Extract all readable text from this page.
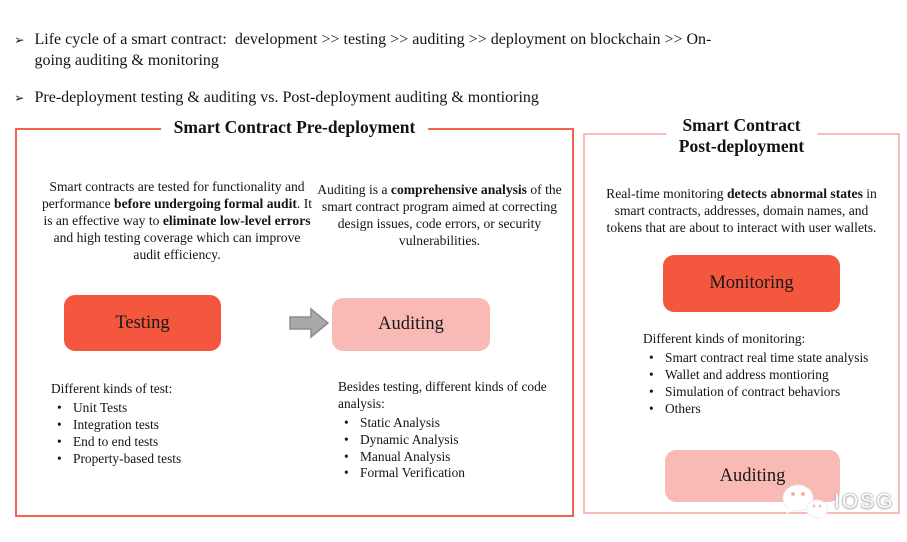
➢ Life cycle of a smart contract:  development >> testing >> auditing >> deployment on blockchain >> On-going auditing & monitoring
➢ Pre-deployment testing & auditing vs. Post-deployment auditing & montioring
Smart Contract Pre-deployment

Smart contracts are tested for functionality and performance before undergoing formal audit. It is an effective way to eliminate low-level errors and high testing coverage which can improve audit efficiency.

Auditing is a comprehensive analysis of the smart contract program aimed at correcting design issues, code errors, or security vulnerabilities.

Testing	Auditing

Different kinds of test:

• Unit Tests
• Integration tests
• End to end tests
• Property-based tests

Besides testing, different kinds of code analysis:

• Static Analysis
• Dynamic Analysis
• Manual Analysis
• Formal Verification
Smart Contract
Post-deployment

Real-time monitoring detects abnormal states in smart contracts, addresses, domain names, and tokens that are about to interact with user wallets.

Monitoring

Different kinds of monitoring:

• Smart contract real time state analysis
• Wallet and address montioring
• Simulation of contract behaviors
• Others
Auditing
IOSG
